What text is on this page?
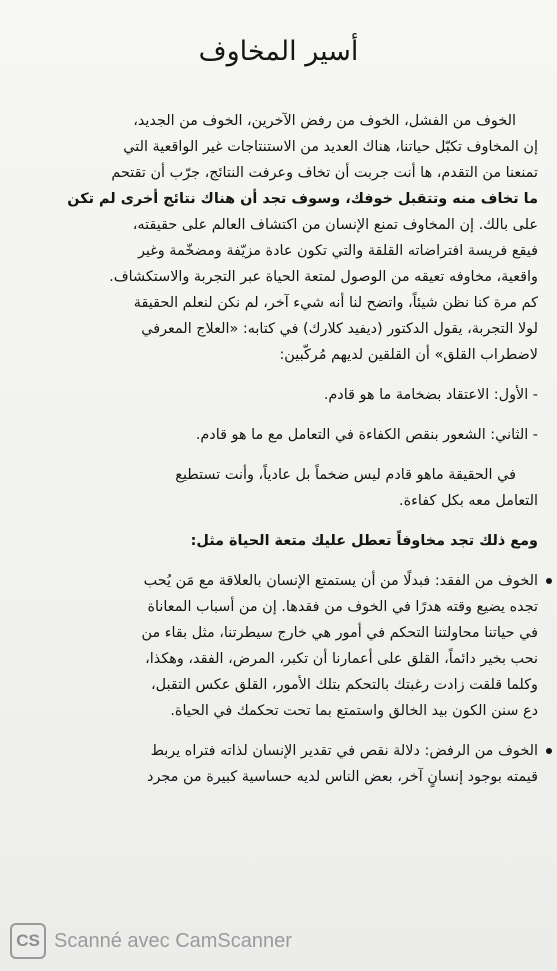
أسير المخاوف
الخوف من الفشل، الخوف من رفض الآخرين، الخوف من الجديد،
إن المخاوف تكبّل حياتنا، هناك العديد من الاستنتاجات غير الواقعية التي
تمنعنا من التقدم، ها أنت جربت أن تخاف وعرفت النتائج، جرّب أن تقتحم
ما تخاف منه وتتقبل خوفك، وسوف تجد أن هناك نتائج أخرى لم تكن
على بالك. إن المخاوف تمنع الإنسان من اكتشاف العالم على حقيقته،
فيقع فريسة افتراضاته القلقة والتي تكون عادة مزيّفة ومضخّمة وغير
واقعية، مخاوفه تعيقه من الوصول لمتعة الحياة عبر التجربة والاستكشاف.
كم مرة كنا نظن شيئاً، واتضح لنا أنه شيء آخر، لم نكن لنعلم الحقيقة
لولا التجربة، يقول الدكتور (ديفيد كلارك) في كتابه: «العلاج المعرفي
لاضطراب القلق» أن القلقين لديهم مُركّبين:
- الأول: الاعتقاد بضخامة ما هو قادم.
- الثاني: الشعور بنقص الكفاءة في التعامل مع ما هو قادم.
في الحقيقة ماهو قادم ليس ضخماً بل عادياً، وأنت تستطيع
التعامل معه بكل كفاءة.
ومع ذلك تجد مخاوفاً تعطل عليك متعة الحياة مثل:
الخوف من الفقد: فبدلًا من أن يستمتع الإنسان بالعلاقة مع مَن يُحب
تجده يضيع وقته هدرًا في الخوف من فقدها. إن من أسباب المعاناة
في حياتنا محاولتنا التحكم في أمور هي خارج سيطرتنا، مثل بقاء من
نحب بخير دائماً، القلق على أعمارنا أن تكبر، المرض، الفقد، وهكذا،
وكلما قلقت زادت رغبتك بالتحكم بتلك الأمور، القلق عكس التقبل،
دع سنن الكون بيد الخالق واستمتع بما تحت تحكمك في الحياة.
الخوف من الرفض: دلالة نقص في تقدير الإنسان لذاته فتراه يربط
قيمته بوجود إنسانٍ آخر، بعض الناس لديه حساسية كبيرة من مجرد
CS Scanné avec CamScanner
